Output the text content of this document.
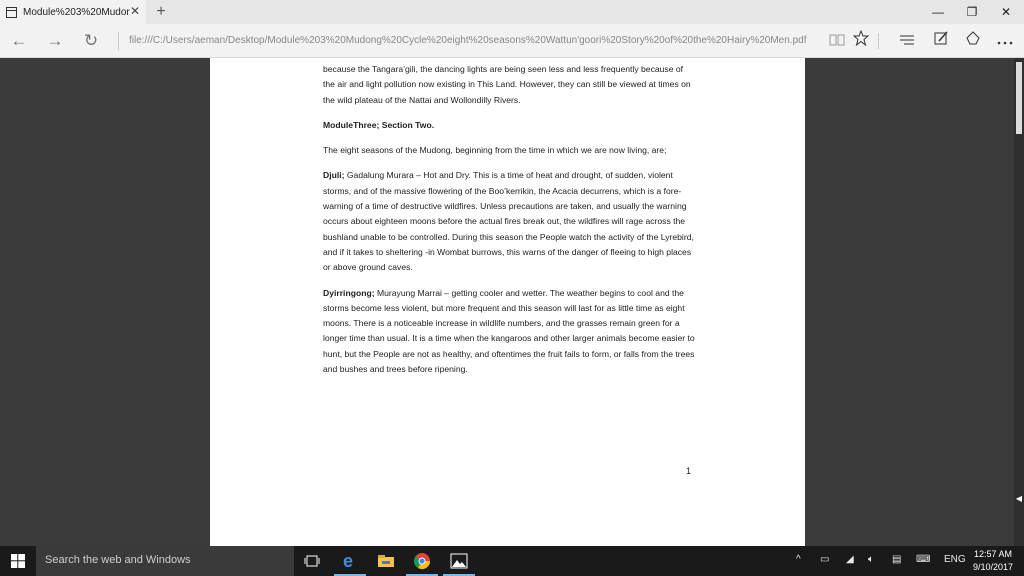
Module%203%20Mudor ✕ +	—	❐	✕
← →	↻	file:///C:/Users/aeman/Desktop/Module%203%20Mudong%20Cycle%20eight%20seasons%20Wattun'goori%20Story%20of%20the%20Hairy%20Men.pdf

because the Tangara’gili, the dancing lights are being seen less and less frequently because of the air and light pollution now existing in This Land. However, they can still be viewed at times on the wild plateau of the Nattai and Wollondilly Rivers.

ModuleThree; Section Two.

The eight seasons of the Mudong, beginning from the time in which we are now living, are;

Djuli; Gadalung Murara – Hot and Dry. This is a time of heat and drought, of sudden, violent storms, and of the massive flowering of the Boo’kerrikin, the Acacia decurrens, which is a fore-warning of a time of destructive wildfires. Unless precautions are taken, and usually the warning occurs about eighteen moons before the actual fires break out, the wildfires will rage across the bushland unable to be controlled. During this season the People watch the activity of the Lyrebird, and if it takes to sheltering -in Wombat burrows, this warns of the danger of fleeing to high places or above ground caves.

Dyirringong; Murayung Marrai – getting cooler and wetter. The weather begins to cool and the storms become less violent, but more frequent and this season will last for as little time as eight moons. There is a noticeable increase in wildlife numbers, and the grasses remain green for a longer time than usual. It is a time when the kangaroos and other larger animals become easier to hunt, but the People are not as healthy, and oftentimes the fruit fails to form, or falls from the trees and bushes and trees before ripening.

1
◀
Search the web and Windows	e	^ ▭ ◢ 🔈︎ ▤ ⌨︎ ENG 12:57 AM
9/10/2017
